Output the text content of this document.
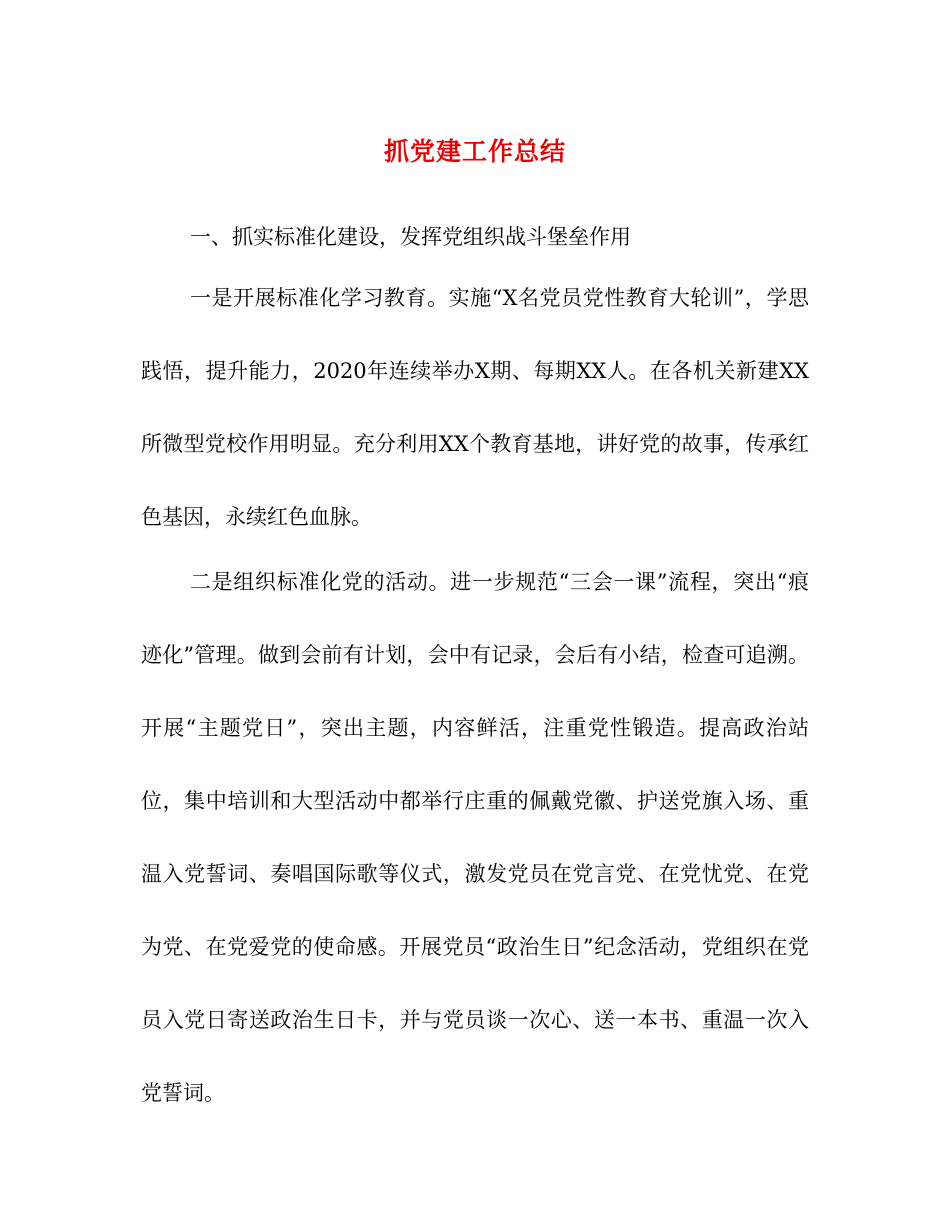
抓党建工作总结
一、抓实标准化建设，发挥党组织战斗堡垒作用

一是开展标准化学习教育。实施“X名党员党性教育大轮训”，学思践悟，提升能力，2020年连续举办X期、每期XX人。在各机关新建XX所微型党校作用明显。充分利用XX个教育基地，讲好党的故事，传承红色基因，永续红色血脉。

二是组织标准化党的活动。进一步规范“三会一课”流程，突出“痕迹化”管理。做到会前有计划，会中有记录，会后有小结，检查可追溯。开展“主题党日”，突出主题，内容鲜活，注重党性锻造。提高政治站位，集中培训和大型活动中都举行庄重的佩戴党徽、护送党旗入场、重温入党誓词、奏唱国际歌等仪式，激发党员在党言党、在党忧党、在党为党、在党爱党的使命感。开展党员“政治生日”纪念活动，党组织在党员入党日寄送政治生日卡，并与党员谈一次心、送一本书、重温一次入党誓词。
